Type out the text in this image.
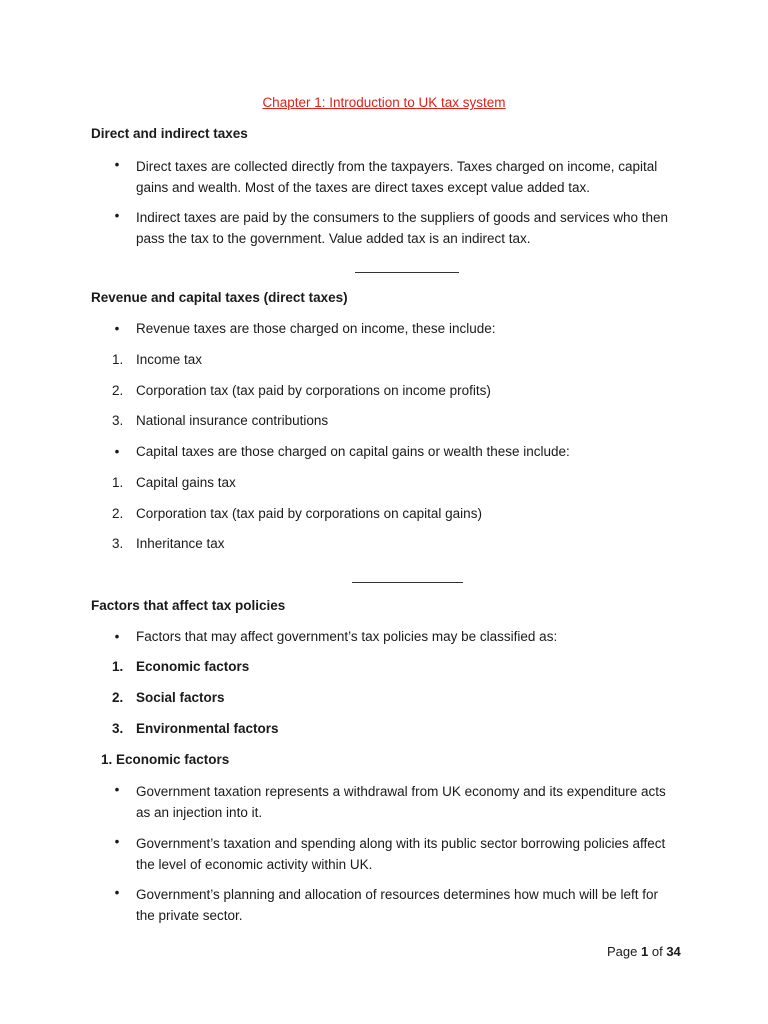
Chapter 1: Introduction to UK tax system
Direct and indirect taxes
• Direct taxes are collected directly from the taxpayers. Taxes charged on income, capital gains and wealth. Most of the taxes are direct taxes except value added tax.
• Indirect taxes are paid by the consumers to the suppliers of goods and services who then pass the tax to the government. Value added tax is an indirect tax.
Revenue and capital taxes (direct taxes)
• Revenue taxes are those charged on income, these include:
1. Income tax
2. Corporation tax (tax paid by corporations on income profits)
3. National insurance contributions
• Capital taxes are those charged on capital gains or wealth these include:
1. Capital gains tax
2. Corporation tax (tax paid by corporations on capital gains)
3. Inheritance tax
Factors that affect tax policies
• Factors that may affect government’s tax policies may be classified as:
1. Economic factors
2. Social factors
3. Environmental factors
1. Economic factors
• Government taxation represents a withdrawal from UK economy and its expenditure acts as an injection into it.
• Government’s taxation and spending along with its public sector borrowing policies affect the level of economic activity within UK.
• Government’s planning and allocation of resources determines how much will be left for the private sector.
Page 1 of 34
